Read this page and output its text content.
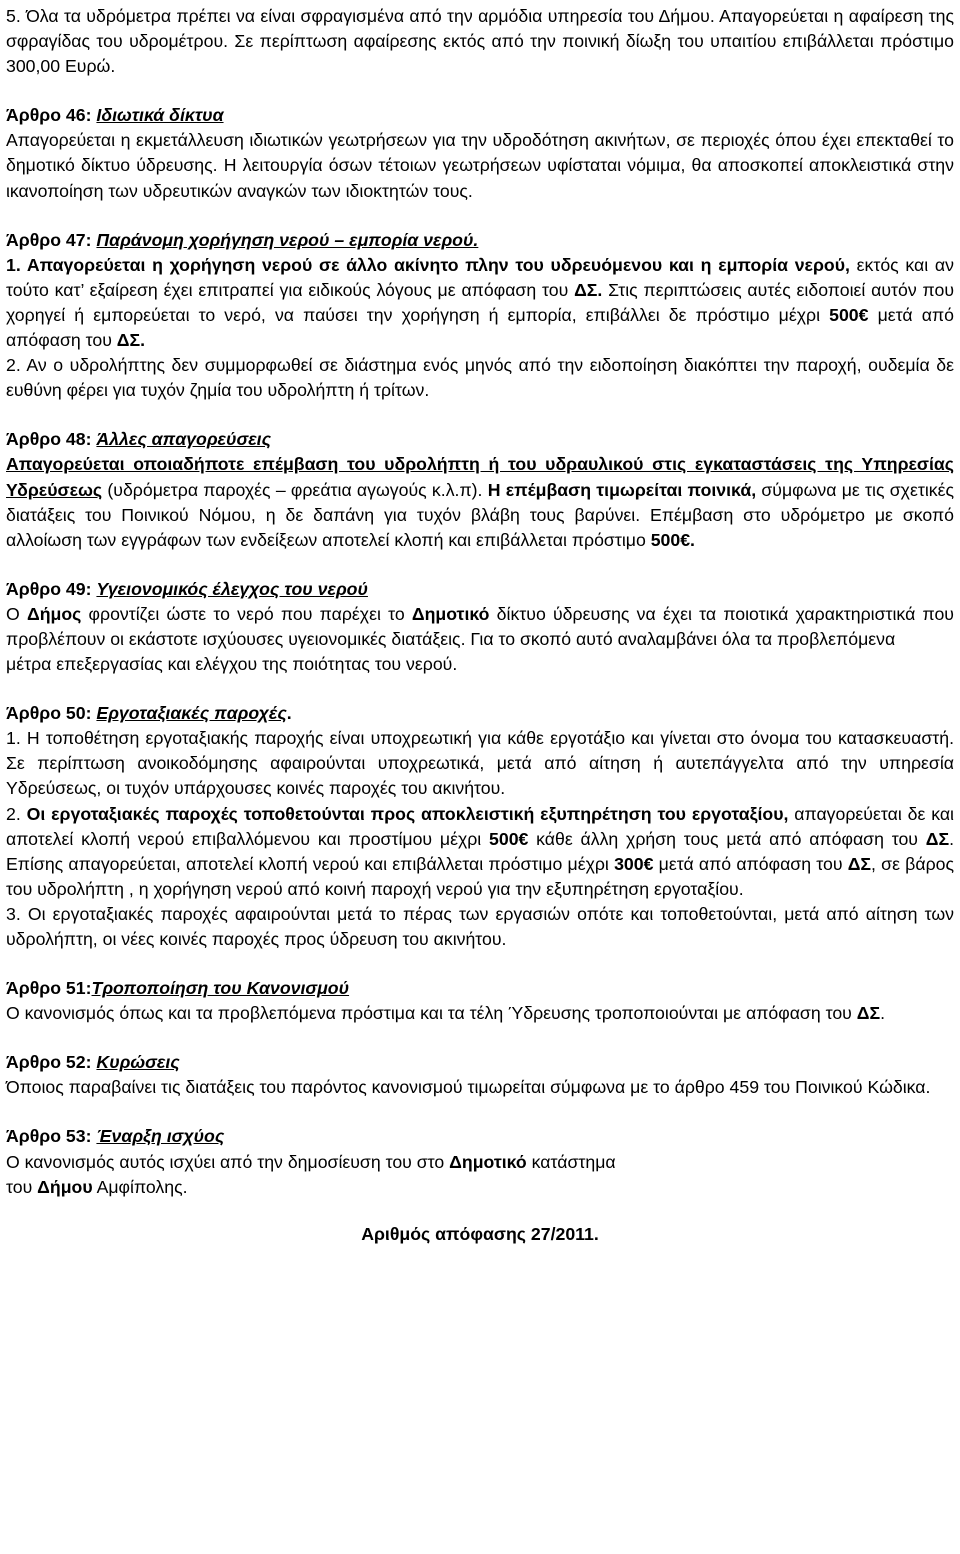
5. Όλα τα υδρόμετρα πρέπει να είναι σφραγισμένα από την αρμόδια υπηρεσία του Δήμου. Απαγορεύεται η αφαίρεση της σφραγίδας του υδρομέτρου. Σε περίπτωση αφαίρεσης εκτός από την ποινική δίωξη του υπαιτίου επιβάλλεται πρόστιμο 300,00 Ευρώ.

Άρθρο 46: Ιδιωτικά δίκτυα

Απαγορεύεται η εκμετάλλευση ιδιωτικών γεωτρήσεων για την υδροδότηση ακινήτων, σε περιοχές όπου έχει επεκταθεί το δημοτικό δίκτυο ύδρευσης. Η λειτουργία όσων τέτοιων γεωτρήσεων υφίσταται νόμιμα, θα αποσκοπεί αποκλειστικά στην ικανοποίηση των υδρευτικών αναγκών των ιδιοκτητών τους.

Άρθρο 47: Παράνομη χορήγηση νερού – εμπορία νερού.

1. Απαγορεύεται η χορήγηση νερού σε άλλο ακίνητο πλην του υδρευόμενου και η εμπορία νερού, εκτός και αν τούτο κατ’ εξαίρεση έχει επιτραπεί για ειδικούς λόγους με απόφαση του ΔΣ. Στις περιπτώσεις αυτές ειδοποιεί αυτόν που χορηγεί ή εμπορεύεται το νερό, να παύσει την χορήγηση ή εμπορία, επιβάλλει δε πρόστιμο μέχρι 500€ μετά από απόφαση του ΔΣ.

2. Αν ο υδρολήπτης δεν συμμορφωθεί σε διάστημα ενός μηνός από την ειδοποίηση διακόπτει την παροχή, ουδεμία δε ευθύνη φέρει για τυχόν ζημία του υδρολήπτη ή τρίτων.

Άρθρο 48: Άλλες απαγορεύσεις

Απαγορεύεται οποιαδήποτε επέμβαση του υδρολήπτη ή του υδραυλικού στις εγκαταστάσεις της Υπηρεσίας Υδρεύσεως (υδρόμετρα παροχές – φρεάτια αγωγούς κ.λ.π). Η επέμβαση τιμωρείται ποινικά, σύμφωνα με τις σχετικές διατάξεις του Ποινικού Νόμου, η δε δαπάνη για τυχόν βλάβη τους βαρύνει. Επέμβαση στο υδρόμετρο με σκοπό αλλοίωση των εγγράφων των ενδείξεων αποτελεί κλοπή και επιβάλλεται πρόστιμο 500€.

Άρθρο 49: Υγειονομικός έλεγχος του νερού

Ο Δήμος φροντίζει ώστε το νερό που παρέχει το Δημοτικό δίκτυο ύδρευσης να έχει τα ποιοτικά χαρακτηριστικά που προβλέπουν οι εκάστοτε ισχύουσες υγειονομικές διατάξεις. Για το σκοπό αυτό αναλαμβάνει όλα τα προβλεπόμενα

μέτρα επεξεργασίας και ελέγχου της ποιότητας του νερού.

Άρθρο 50: Εργοταξιακές παροχές.

1. Η τοποθέτηση εργοταξιακής παροχής είναι υποχρεωτική για κάθε εργοτάξιο και γίνεται στο όνομα του κατασκευαστή. Σε περίπτωση ανοικοδόμησης αφαιρούνται υποχρεωτικά, μετά από αίτηση ή αυτεπάγγελτα από την υπηρεσία Υδρεύσεως, οι τυχόν υπάρχουσες κοινές παροχές του ακινήτου.

2. Οι εργοταξιακές παροχές τοποθετούνται προς αποκλειστική εξυπηρέτηση του εργοταξίου, απαγορεύεται δε και αποτελεί κλοπή νερού επιβαλλόμενου και προστίμου μέχρι 500€ κάθε άλλη χρήση τους μετά από απόφαση του ΔΣ. Επίσης απαγορεύεται, αποτελεί κλοπή νερού και επιβάλλεται πρόστιμο μέχρι 300€ μετά από απόφαση του ΔΣ, σε βάρος του υδρολήπτη , η χορήγηση νερού από κοινή παροχή νερού για την εξυπηρέτηση εργοταξίου.

3. Οι εργοταξιακές παροχές αφαιρούνται μετά το πέρας των εργασιών οπότε και τοποθετούνται, μετά από αίτηση των υδρολήπτη, οι νέες κοινές παροχές προς ύδρευση του ακινήτου.

Άρθρο 51:Τροποποίηση του Κανονισμού

Ο κανονισμός όπως και τα προβλεπόμενα πρόστιμα και τα τέλη Ύδρευσης τροποποιούνται με απόφαση του ΔΣ.

Άρθρο 52: Κυρώσεις

Όποιος παραβαίνει τις διατάξεις του παρόντος κανονισμού τιμωρείται σύμφωνα με το άρθρο 459 του Ποινικού Κώδικα.

Άρθρο 53: Έναρξη ισχύος

Ο κανονισμός αυτός ισχύει από την δημοσίευση του στο Δημοτικό κατάστημα

του Δήμου Αμφίπολης.

Αριθμός απόφασης 27/2011.
